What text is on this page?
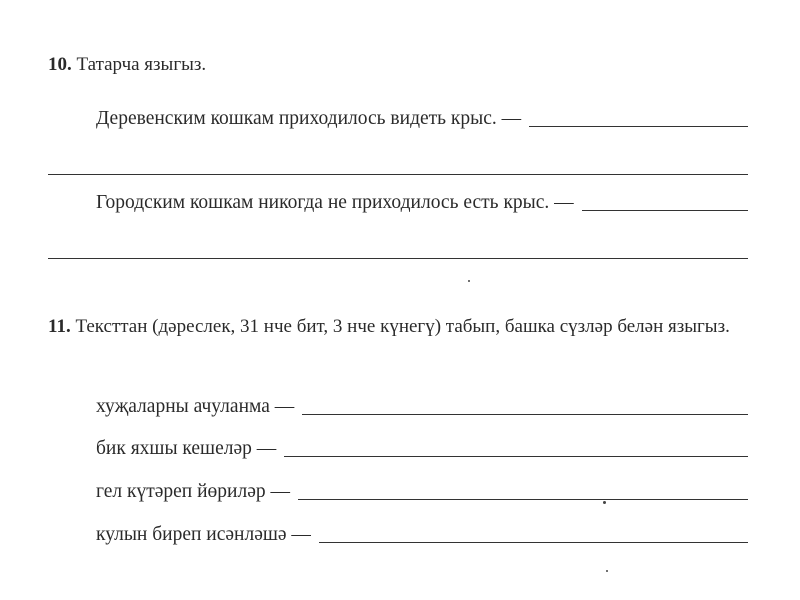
10. Татарча языгыз.
Деревенским кошкам приходилось видеть крыс. —
Городским кошкам никогда не приходилось есть крыс. —
11. Тексттан (дәреслек, 31 нче бит, 3 нче күнегү) табып, башка сүзләр белән языгыз.
хуҗаларны ачуланма —
бик яхшы кешеләр —
гел күтәреп йөриләр —
кулын биреп исәнләшә —
